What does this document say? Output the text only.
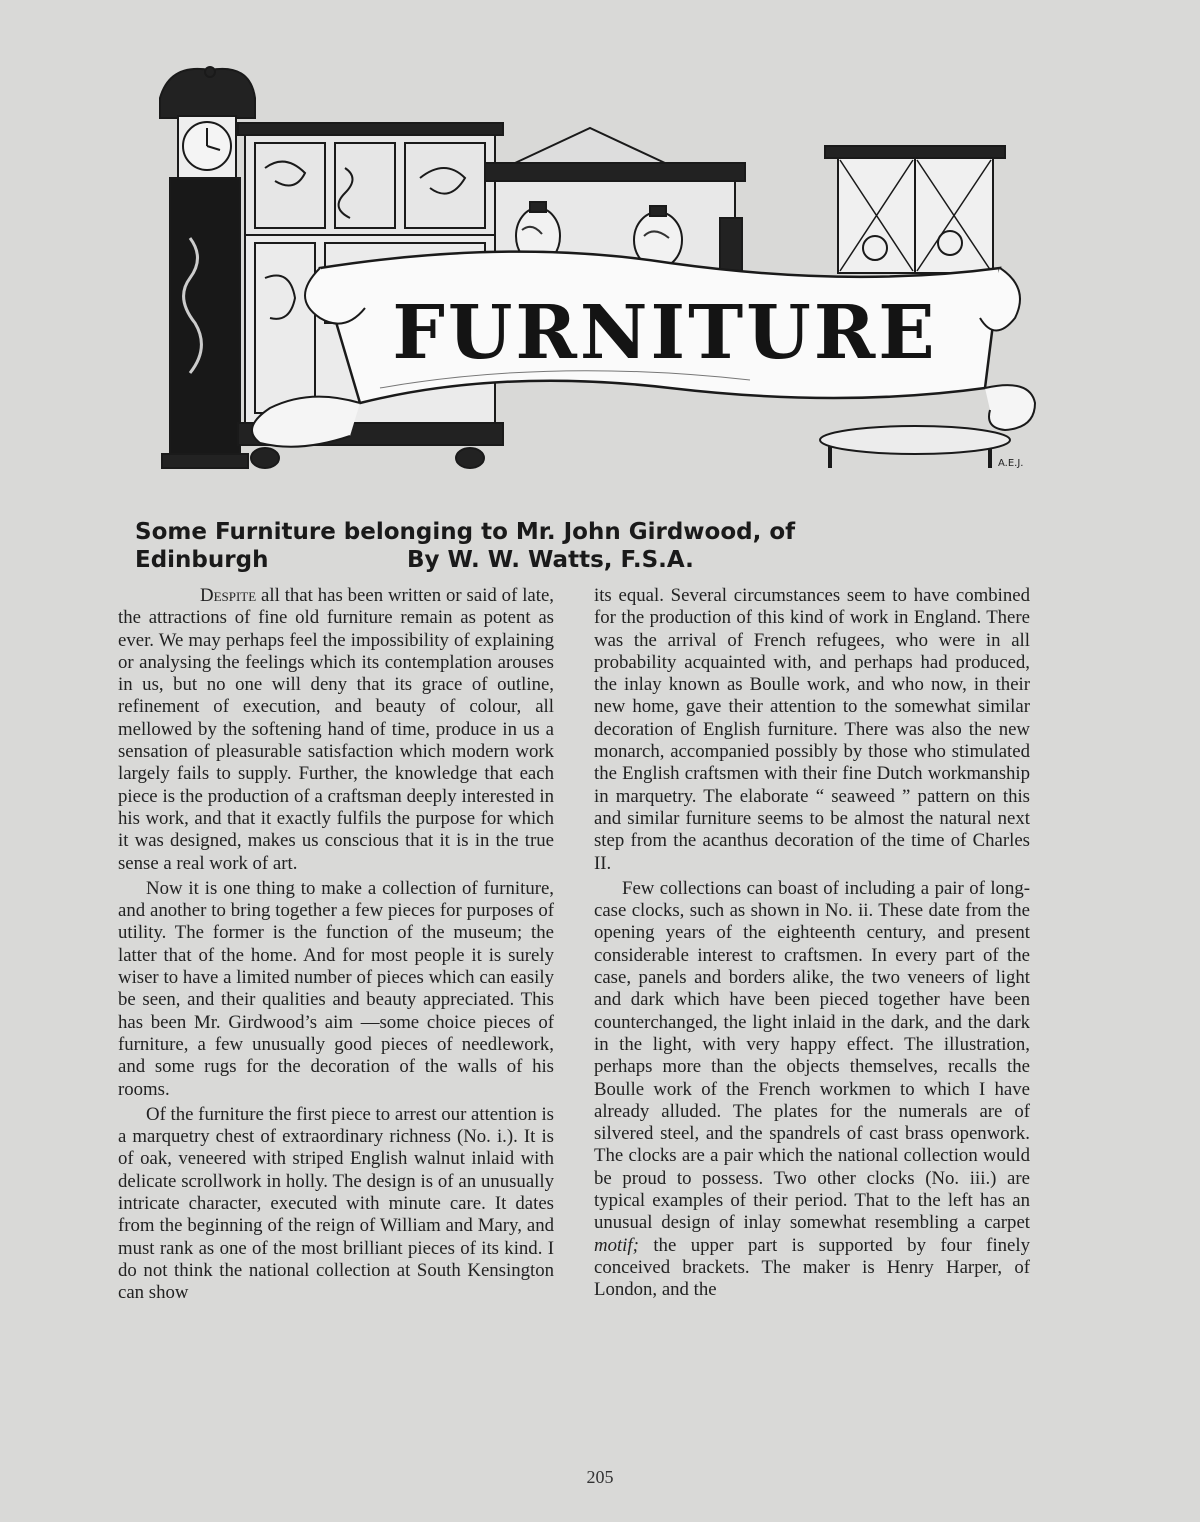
FURNITURE
A.E.J.
Some Furniture belonging to Mr. John Girdwood, of
Edinburgh	By W. W. Watts, F.S.A.

Despite all that has been written or said of late, the attractions of fine old furniture remain as potent as ever. We may perhaps feel the impossibility of explaining or analysing the feelings which its contemplation arouses in us, but no one will deny that its grace of outline, refinement of execution, and beauty of colour, all mellowed by the softening hand of time, produce in us a sensation of pleasurable satisfaction which modern work largely fails to supply. Further, the knowledge that each piece is the production of a craftsman deeply interested in his work, and that it exactly fulfils the purpose for which it was designed, makes us conscious that it is in the true sense a real work of art.

Now it is one thing to make a collection of furniture, and another to bring together a few pieces for purposes of utility. The former is the function of the museum; the latter that of the home. And for most people it is surely wiser to have a limited number of pieces which can easily be seen, and their qualities and beauty appreciated. This has been Mr. Girdwood’s aim —some choice pieces of furniture, a few unusually good pieces of needlework, and some rugs for the decoration of the walls of his rooms.

Of the furniture the first piece to arrest our attention is a marquetry chest of extraordinary richness (No. i.). It is of oak, veneered with striped English walnut inlaid with delicate scrollwork in holly. The design is of an unusually intricate character, executed with minute care. It dates from the beginning of the reign of William and Mary, and must rank as one of the most brilliant pieces of its kind. I do not think the national collection at South Kensington can show

its equal. Several circumstances seem to have combined for the production of this kind of work in England. There was the arrival of French refugees, who were in all probability acquainted with, and perhaps had produced, the inlay known as Boulle work, and who now, in their new home, gave their attention to the somewhat similar decoration of English furniture. There was also the new monarch, accompanied possibly by those who stimulated the English craftsmen with their fine Dutch workmanship in marquetry. The elaborate “ seaweed ” pattern on this and similar furniture seems to be almost the natural next step from the acanthus decoration of the time of Charles II.

Few collections can boast of including a pair of long-case clocks, such as shown in No. ii. These date from the opening years of the eighteenth century, and present considerable interest to craftsmen. In every part of the case, panels and borders alike, the two veneers of light and dark which have been pieced together have been counterchanged, the light inlaid in the dark, and the dark in the light, with very happy effect. The illustration, perhaps more than the objects themselves, recalls the Boulle work of the French workmen to which I have already alluded. The plates for the numerals are of silvered steel, and the spandrels of cast brass openwork. The clocks are a pair which the national collection would be proud to possess. Two other clocks (No. iii.) are typical examples of their period. That to the left has an unusual design of inlay somewhat resembling a carpet motif; the upper part is supported by four finely conceived brackets. The maker is Henry Harper, of London, and the

205
